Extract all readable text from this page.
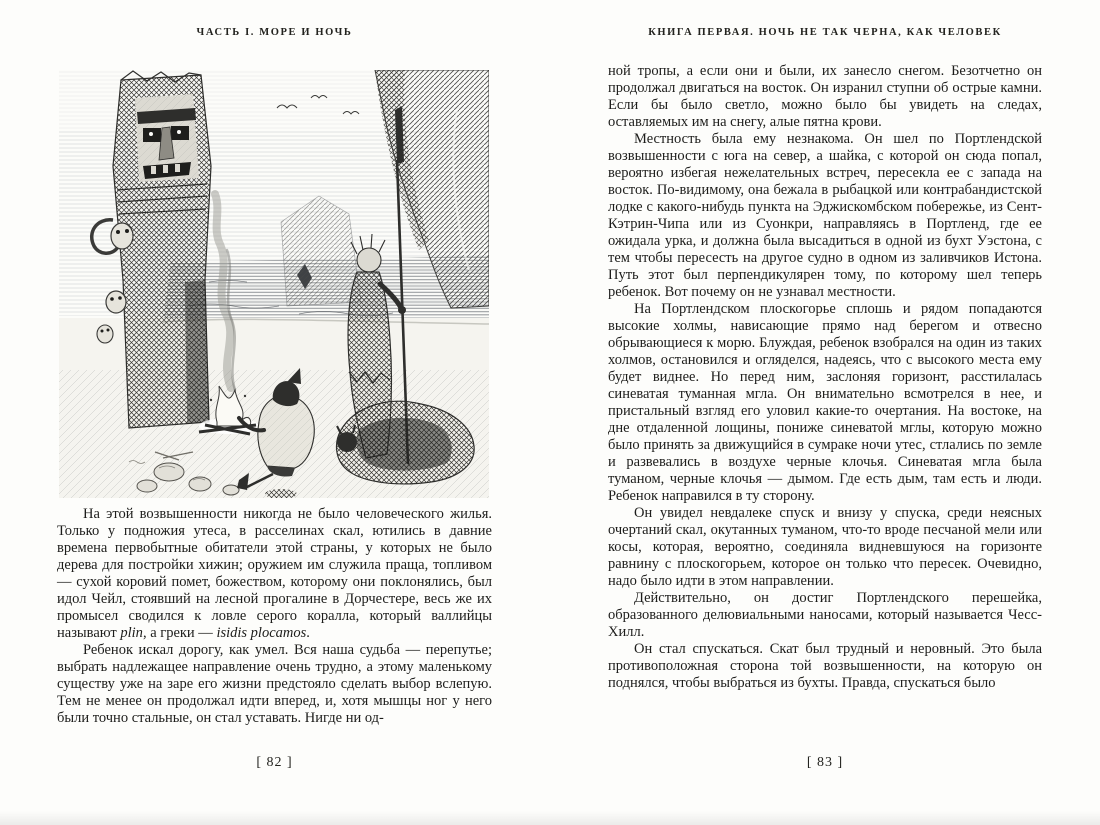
ЧАСТЬ I. МОРЕ И НОЧЬ

На этой возвышенности никогда не было человеческого жилья. Только у подножия утеса, в расселинах скал, ютились в давние времена первобытные обитатели этой страны, у которых не было дерева для постройки хижин; оружием им служила праща, топливом — сухой коровий помет, божеством, которому они поклонялись, был идол Чейл, стоявший на лесной прогалине в Дорчестере, весь же их промысел сводился к ловле серого коралла, который валлийцы называют plin, а греки — isidis plocamos.

Ребенок искал дорогу, как умел. Вся наша судьба — перепутье; выбрать надлежащее направление очень трудно, а этому маленькому существу уже на заре его жизни предстояло сделать выбор вслепую. Тем не менее он продолжал идти вперед, и, хотя мышцы ног у него были точно стальные, он стал уставать. Нигде ни од-

[ 82 ]
КНИГА ПЕРВАЯ. НОЧЬ НЕ ТАК ЧЕРНА, КАК ЧЕЛОВЕК

ной тропы, а если они и были, их занесло снегом. Безотчетно он продолжал двигаться на восток. Он изранил ступни об острые камни. Если бы было светло, можно было бы увидеть на следах, оставляемых им на снегу, алые пятна крови.

Местность была ему незнакома. Он шел по Портлендской возвышенности с юга на север, а шайка, с которой он сюда попал, вероятно избегая нежелательных встреч, пересекла ее с запада на восток. По-видимому, она бежала в рыбацкой или контрабандистской лодке с какого-нибудь пункта на Эджискомбском побережье, из Сент-Кэтрин-Чипа или из Суонкри, направляясь в Портленд, где ее ожидала урка, и должна была высадиться в одной из бухт Уэстона, с тем чтобы пересесть на другое судно в одном из заливчиков Истона. Путь этот был перпендикулярен тому, по которому шел теперь ребенок. Вот почему он не узнавал местности.

На Портлендском плоскогорье сплошь и рядом попадаются высокие холмы, нависающие прямо над берегом и отвесно обрывающиеся к морю. Блуждая, ребенок взобрался на один из таких холмов, остановился и огляделся, надеясь, что с высокого места ему будет виднее. Но перед ним, заслоняя горизонт, расстилалась синеватая туманная мгла. Он внимательно всмотрелся в нее, и пристальный взгляд его уловил какие-то очертания. На востоке, на дне отдаленной лощины, пониже синеватой мглы, которую можно было принять за движущийся в сумраке ночи утес, стлались по земле и развевались в воздухе черные клочья. Синеватая мгла была туманом, черные клочья — дымом. Где есть дым, там есть и люди. Ребенок направился в ту сторону.

Он увидел невдалеке спуск и внизу у спуска, среди неясных очертаний скал, окутанных туманом, что-то вроде песчаной мели или косы, которая, вероятно, соединяла видневшуюся на горизонте равнину с плоскогорьем, которое он только что пересек. Очевидно, надо было идти в этом направлении.

Действительно, он достиг Портлендского перешейка, образованного делювиальными наносами, который называется Чесс-Хилл.

Он стал спускаться. Скат был трудный и неровный. Это была противоположная сторона той возвышенности, на которую он поднялся, чтобы выбраться из бухты. Правда, спускаться было

[ 83 ]
